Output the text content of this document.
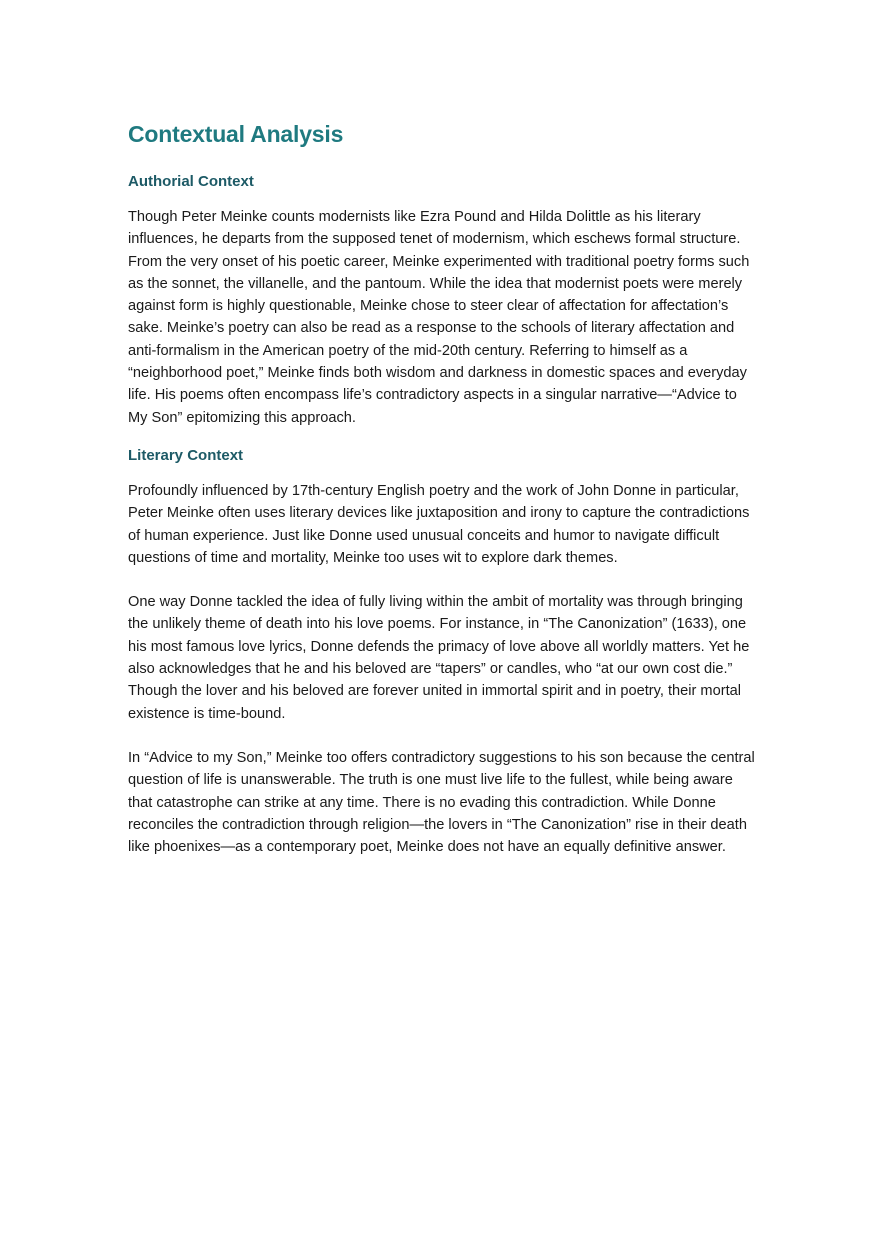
Contextual Analysis
Authorial Context

Though Peter Meinke counts modernists like Ezra Pound and Hilda Dolittle as his literary influences, he departs from the supposed tenet of modernism, which eschews formal structure. From the very onset of his poetic career, Meinke experimented with traditional poetry forms such as the sonnet, the villanelle, and the pantoum. While the idea that modernist poets were merely against form is highly questionable, Meinke chose to steer clear of affectation for affectation’s sake. Meinke’s poetry can also be read as a response to the schools of literary affectation and anti-formalism in the American poetry of the mid-20th century. Referring to himself as a “neighborhood poet,” Meinke finds both wisdom and darkness in domestic spaces and everyday life. His poems often encompass life’s contradictory aspects in a singular narrative—“Advice to My Son” epitomizing this approach.

Literary Context

Profoundly influenced by 17th-century English poetry and the work of John Donne in particular, Peter Meinke often uses literary devices like juxtaposition and irony to capture the contradictions of human experience. Just like Donne used unusual conceits and humor to navigate difficult questions of time and mortality, Meinke too uses wit to explore dark themes.

One way Donne tackled the idea of fully living within the ambit of mortality was through bringing the unlikely theme of death into his love poems. For instance, in “The Canonization” (1633), one his most famous love lyrics, Donne defends the primacy of love above all worldly matters. Yet he also acknowledges that he and his beloved are “tapers” or candles, who “at our own cost die.” Though the lover and his beloved are forever united in immortal spirit and in poetry, their mortal existence is time-bound.

In “Advice to my Son,” Meinke too offers contradictory suggestions to his son because the central question of life is unanswerable. The truth is one must live life to the fullest, while being aware that catastrophe can strike at any time. There is no evading this contradiction. While Donne reconciles the contradiction through religion—the lovers in “The Canonization” rise in their death like phoenixes—as a contemporary poet, Meinke does not have an equally definitive answer.
